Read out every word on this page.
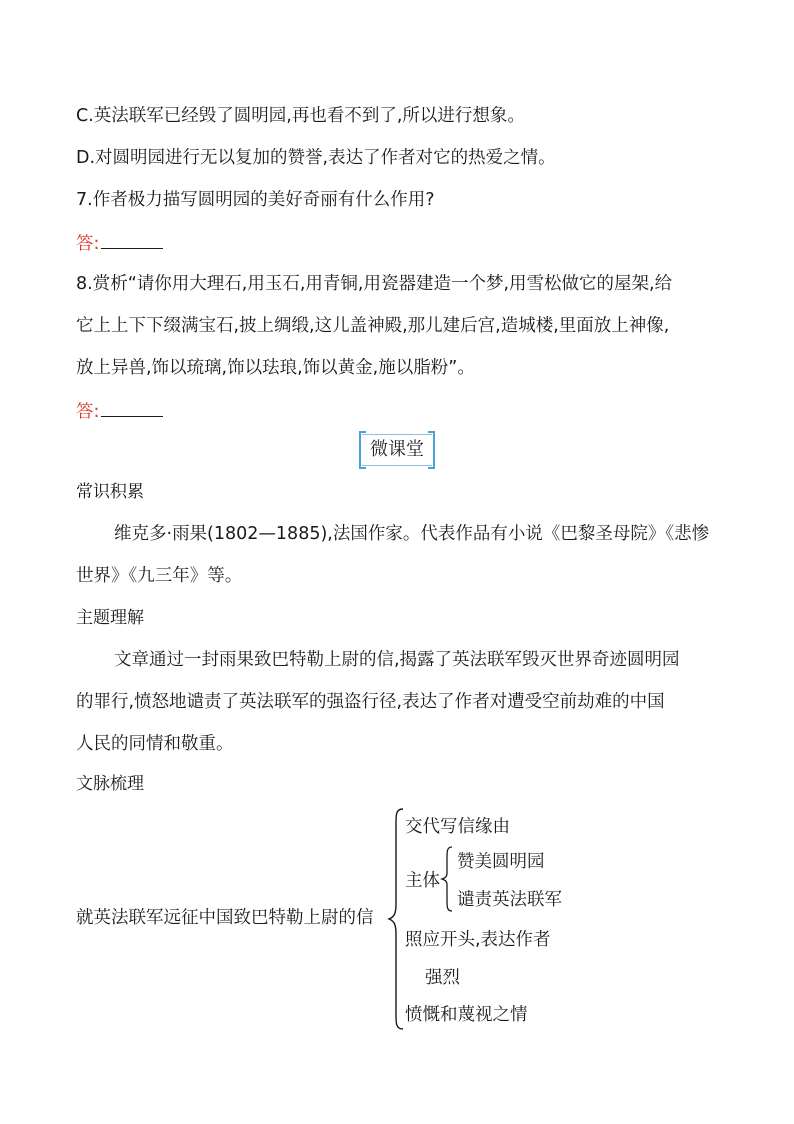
C.英法联军已经毁了圆明园,再也看不到了,所以进行想象。
D.对圆明园进行无以复加的赞誉,表达了作者对它的热爱之情。
7.作者极力描写圆明园的美好奇丽有什么作用?
答:
8.赏析“请你用大理石,用玉石,用青铜,用瓷器建造一个梦,用雪松做它的屋架,给
它上上下下缀满宝石,披上绸缎,这儿盖神殿,那儿建后宫,造城楼,里面放上神像,
放上异兽,饰以琉璃,饰以珐琅,饰以黄金,施以脂粉”。
答:
微课堂
常识积累
维克多·雨果(1802—1885),法国作家。代表作品有小说《巴黎圣母院》《悲惨
世界》《九三年》等。
主题理解
文章通过一封雨果致巴特勒上尉的信,揭露了英法联军毁灭世界奇迹圆明园
的罪行,愤怒地谴责了英法联军的强盗行径,表达了作者对遭受空前劫难的中国
人民的同情和敬重。
文脉梳理
就英法联军远征中国致巴特勒上尉的信
交代写信缘由
主体
赞美圆明园
谴责英法联军
照应开头,表达作者
强烈
愤慨和蔑视之情
